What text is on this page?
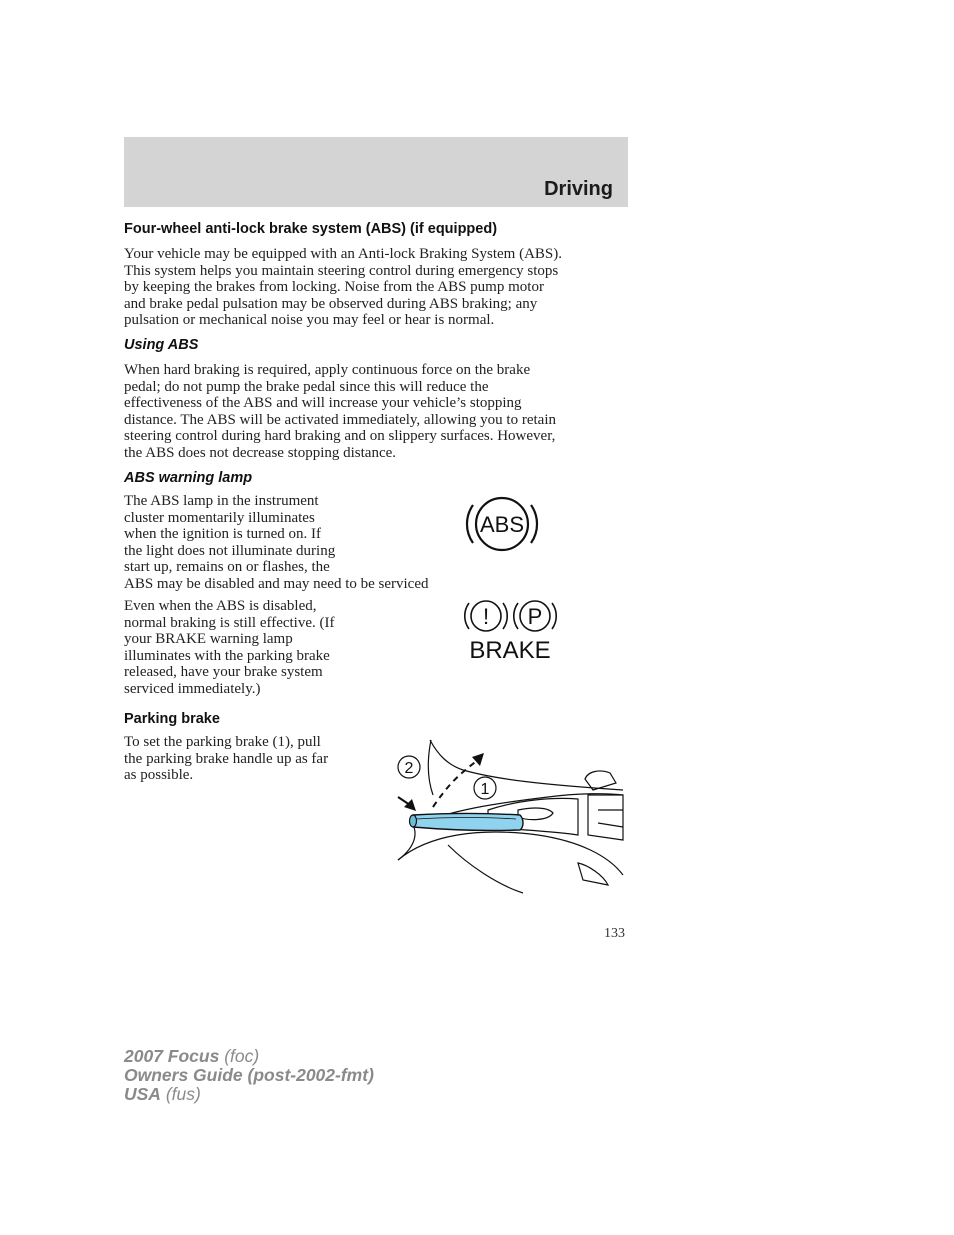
Driving
Four-wheel anti-lock brake system (ABS) (if equipped)

Your vehicle may be equipped with an Anti-lock Braking System (ABS).

This system helps you maintain steering control during emergency stops

by keeping the brakes from locking. Noise from the ABS pump motor

and brake pedal pulsation may be observed during ABS braking; any

pulsation or mechanical noise you may feel or hear is normal.

Using ABS

When hard braking is required, apply continuous force on the brake

pedal; do not pump the brake pedal since this will reduce the

effectiveness of the ABS and will increase your vehicle’s stopping

distance. The ABS will be activated immediately, allowing you to retain

steering control during hard braking and on slippery surfaces. However,

the ABS does not decrease stopping distance.

ABS warning lamp

The ABS lamp in the instrument

cluster momentarily illuminates

when the ignition is turned on. If

the light does not illuminate during

start up, remains on or flashes, the

ABS may be disabled and may need to be serviced

ABS

Even when the ABS is disabled,

normal braking is still effective. (If

your BRAKE warning lamp

illuminates with the parking brake

released, have your brake system

serviced immediately.)

! P
BRAKE
Parking brake

To set the parking brake (1), pull

the parking brake handle up as far

as possible.	2
1
133
2007 Focus (foc)
Owners Guide (post-2002-fmt)
USA (fus)
